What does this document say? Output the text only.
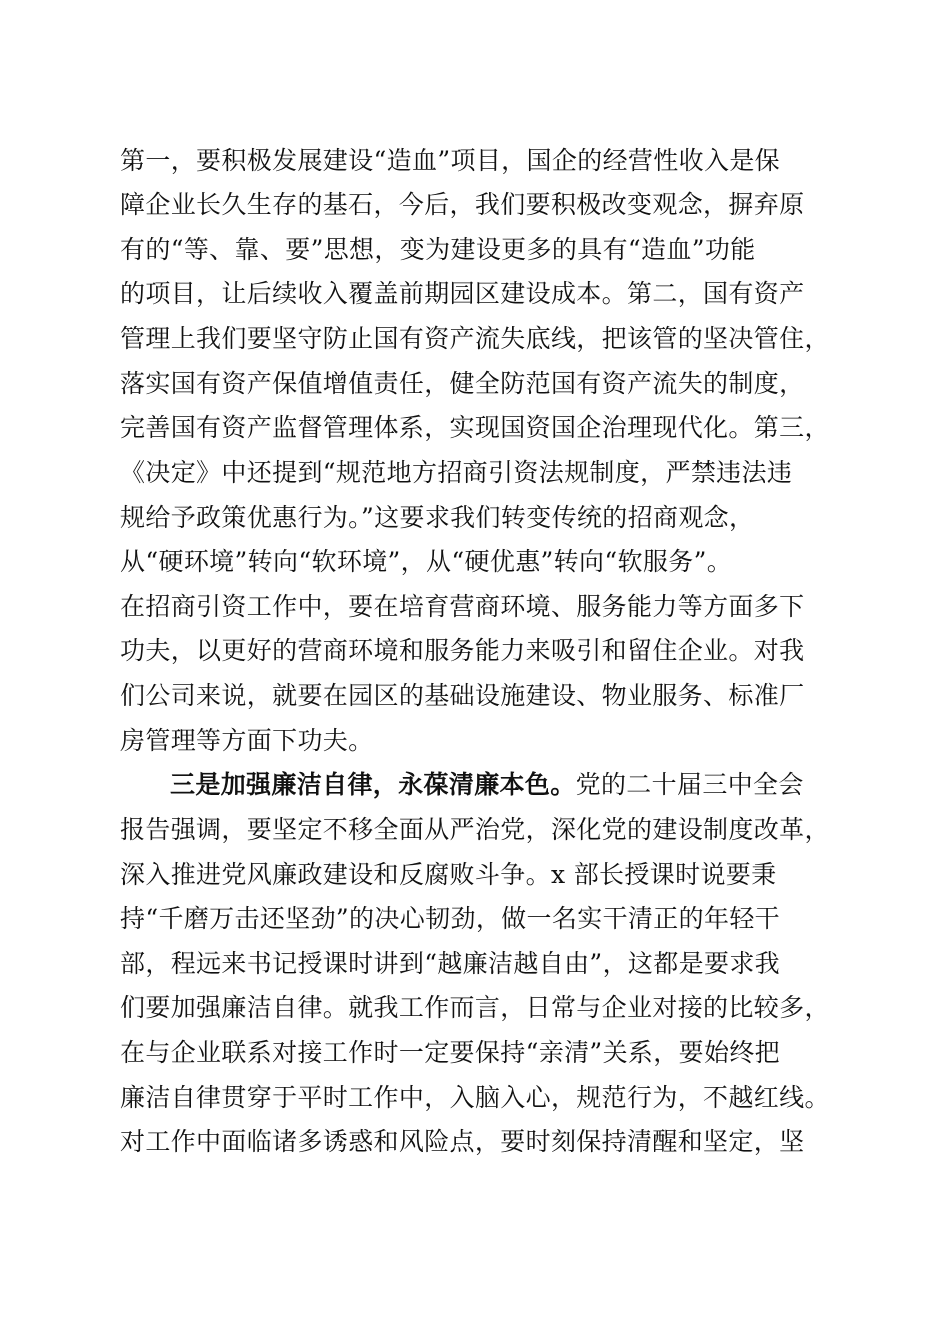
第一，要积极发展建设“造血”项目，国企的经营性收入是保
障企业长久生存的基石，今后，我们要积极改变观念，摒弃原
有的“等、靠、要”思想，变为建设更多的具有“造血”功能
的项目，让后续收入覆盖前期园区建设成本。第二，国有资产
管理上我们要坚守防止国有资产流失底线，把该管的坚决管住，
落实国有资产保值增值责任，健全防范国有资产流失的制度，
完善国有资产监督管理体系，实现国资国企治理现代化。第三，
《决定》中还提到“规范地方招商引资法规制度，严禁违法违
规给予政策优惠行为。”这要求我们转变传统的招商观念，
从“硬环境”转向“软环境”，从“硬优惠”转向“软服务”。
在招商引资工作中，要在培育营商环境、服务能力等方面多下
功夫，以更好的营商环境和服务能力来吸引和留住企业。对我
们公司来说，就要在园区的基础设施建设、物业服务、标准厂
房管理等方面下功夫。
三是加强廉洁自律，永葆清廉本色。党的二十届三中全会
报告强调，要坚定不移全面从严治党，深化党的建设制度改革，
深入推进党风廉政建设和反腐败斗争。x 部长授课时说要秉
持“千磨万击还坚劲”的决心韧劲，做一名实干清正的年轻干
部，程远来书记授课时讲到“越廉洁越自由”，这都是要求我
们要加强廉洁自律。就我工作而言，日常与企业对接的比较多，
在与企业联系对接工作时一定要保持“亲清”关系，要始终把
廉洁自律贯穿于平时工作中，入脑入心，规范行为，不越红线。
对工作中面临诸多诱惑和风险点，要时刻保持清醒和坚定，坚
